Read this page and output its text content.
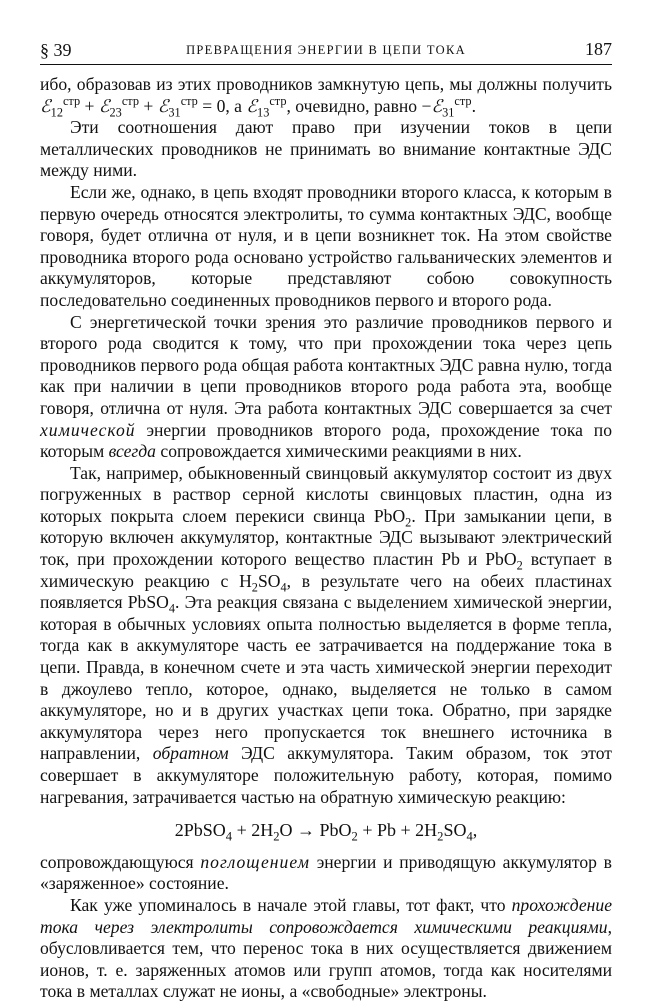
§ 39	ПРЕВРАЩЕНИЯ ЭНЕРГИИ В ЦЕПИ ТОКА	187

ибо, образовав из этих проводников замкнутую цепь, мы должны получить ℰ$_{12}^{стр}$ + ℰ$_{23}^{стр}$ + ℰ$_{31}^{стр}$ = 0, а ℰ$_{13}^{стр}$, очевидно, равно −ℰ$_{31}^{стр}$.

Эти соотношения дают право при изучении токов в цепи металлических проводников не принимать во внимание контактные ЭДС между ними.

Если же, однако, в цепь входят проводники второго класса, к которым в первую очередь относятся электролиты, то сумма контактных ЭДС, вообще говоря, будет отлична от нуля, и в цепи возникнет ток. На этом свойстве проводника второго рода основано устройство гальванических элементов и аккумуляторов, которые представляют собою совокупность последовательно соединенных проводников первого и второго рода.

С энергетической точки зрения это различие проводников первого и второго рода сводится к тому, что при прохождении тока через цепь проводников первого рода общая работа контактных ЭДС равна нулю, тогда как при наличии в цепи проводников второго рода работа эта, вообще говоря, отлична от нуля. Эта работа контактных ЭДС совершается за счет химической энергии проводников второго рода, прохождение тока по которым всегда сопровождается химическими реакциями в них.

Так, например, обыкновенный свинцовый аккумулятор состоит из двух погруженных в раствор серной кислоты свинцовых пластин, одна из которых покрыта слоем перекиси свинца PbO$_2$. При замыкании цепи, в которую включен аккумулятор, контактные ЭДС вызывают электрический ток, при прохождении которого вещество пластин Pb и PbO$_2$ вступает в химическую реакцию с $H_2SO_4$, в результате чего на обеих пластинах появляется PbSO$_4$. Эта реакция связана с выделением химической энергии, которая в обычных условиях опыта полностью выделяется в форме тепла, тогда как в аккумуляторе часть ее затрачивается на поддержание тока в цепи. Правда, в конечном счете и эта часть химической энергии переходит в джоулево тепло, которое, однако, выделяется не только в самом аккумуляторе, но и в других участках цепи тока. Обратно, при зарядке аккумулятора через него пропускается ток внешнего источника в направлении, обратном ЭДС аккумулятора. Таким образом, ток этот совершает в аккумуляторе положительную работу, которая, помимо нагревания, затрачивается частью на обратную химическую реакцию:

2PbSO$_4$ + $2H_2O \to PbO_2 + Pb + 2H_2SO_4$,

сопровождающуюся поглощением энергии и приводящую аккумулятор в «заряженное» состояние.

Как уже упоминалось в начале этой главы, тот факт, что прохождение тока через электролиты сопровождается химическими реакциями, обусловливается тем, что перенос тока в них осуществляется движением ионов, т. е. заряженных атомов или групп атомов, тогда как носителями тока в металлах служат не ионы, а «свободные» электроны.
